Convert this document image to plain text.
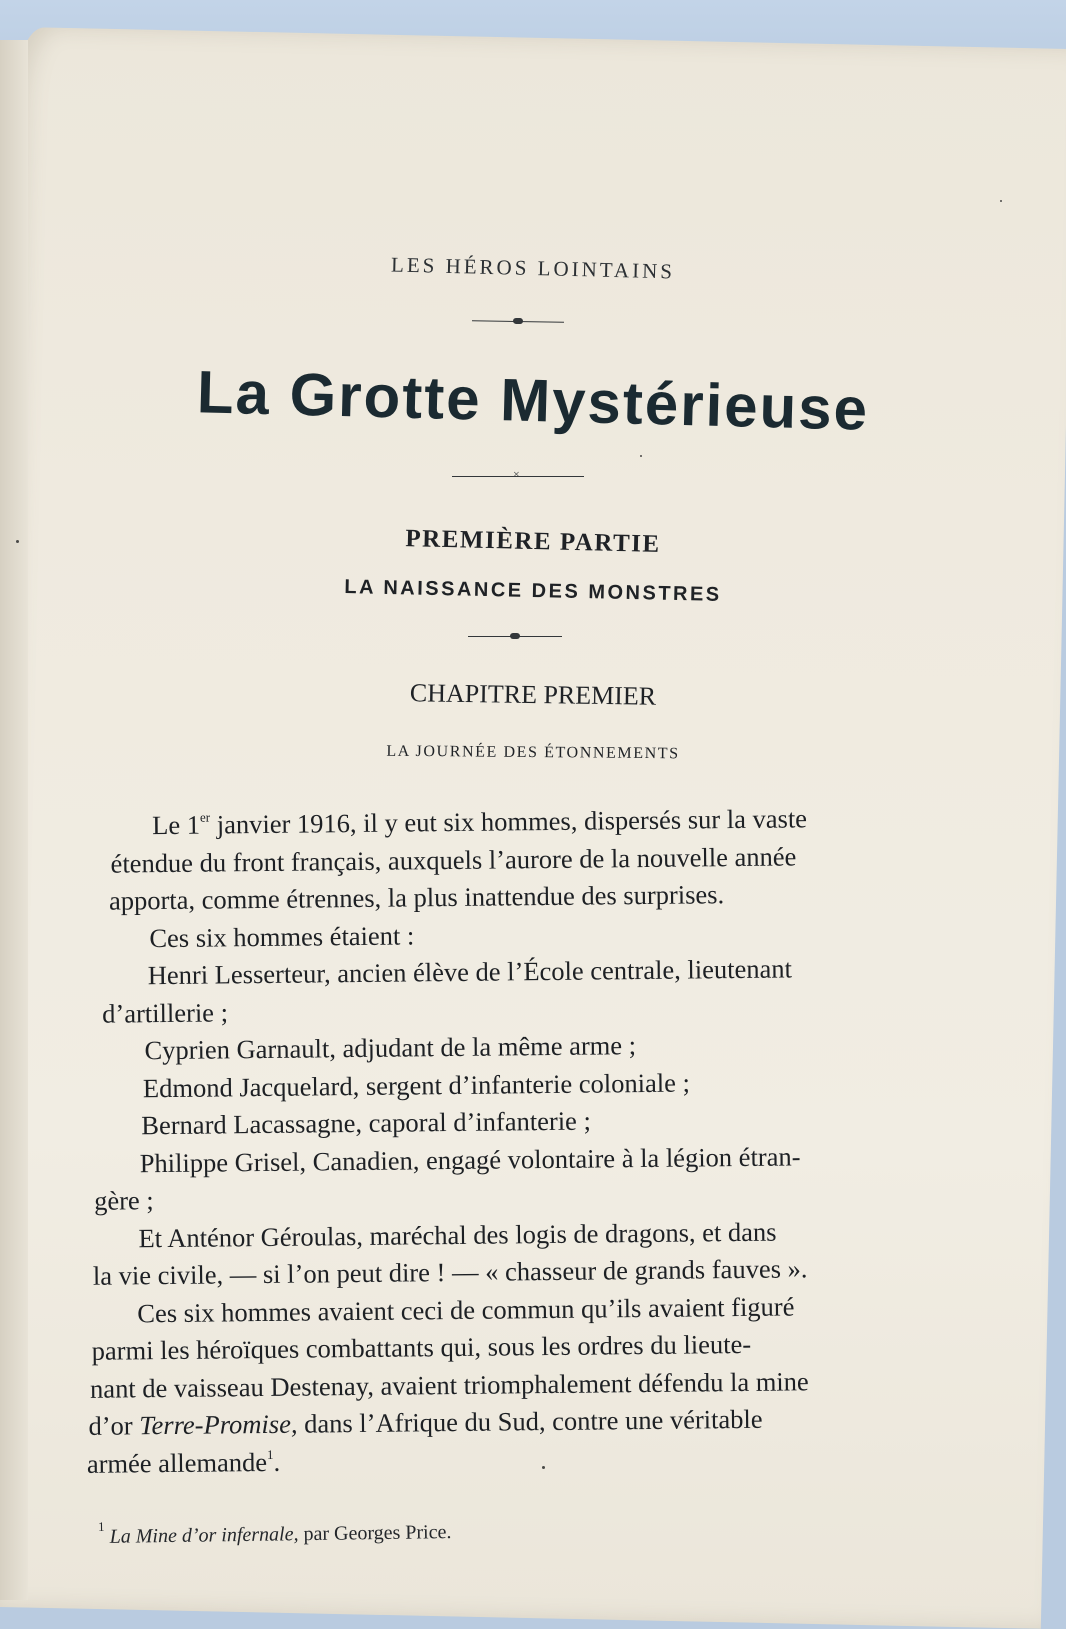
LES HÉROS LOINTAINS
La Grotte Mystérieuse
×
PREMIÈRE PARTIE
LA NAISSANCE DES MONSTRES
CHAPITRE PREMIER
LA JOURNÉE DES ÉTONNEMENTS
Le 1er janvier 1916, il y eut six hommes, dispersés sur la vaste
étendue du front français, auxquels l’aurore de la nouvelle année
apporta, comme étrennes, la plus inattendue des surprises.
Ces six hommes étaient :
Henri Lesserteur, ancien élève de l’École centrale, lieutenant
d’artillerie ;
Cyprien Garnault, adjudant de la même arme ;
Edmond Jacquelard, sergent d’infanterie coloniale ;
Bernard Lacassagne, caporal d’infanterie ;
Philippe Grisel, Canadien, engagé volontaire à la légion étran-
gère ;
Et Anténor Géroulas, maréchal des logis de dragons, et dans
la vie civile, — si l’on peut dire ! — « chasseur de grands fauves ».
Ces six hommes avaient ceci de commun qu’ils avaient figuré
parmi les héroïques combattants qui, sous les ordres du lieute-
nant de vaisseau Destenay, avaient triomphalement défendu la mine
d’or Terre-Promise, dans l’Afrique du Sud, contre une véritable
armée allemande$^1$.
$^1$ La Mine d’or infernale, par Georges Price.
